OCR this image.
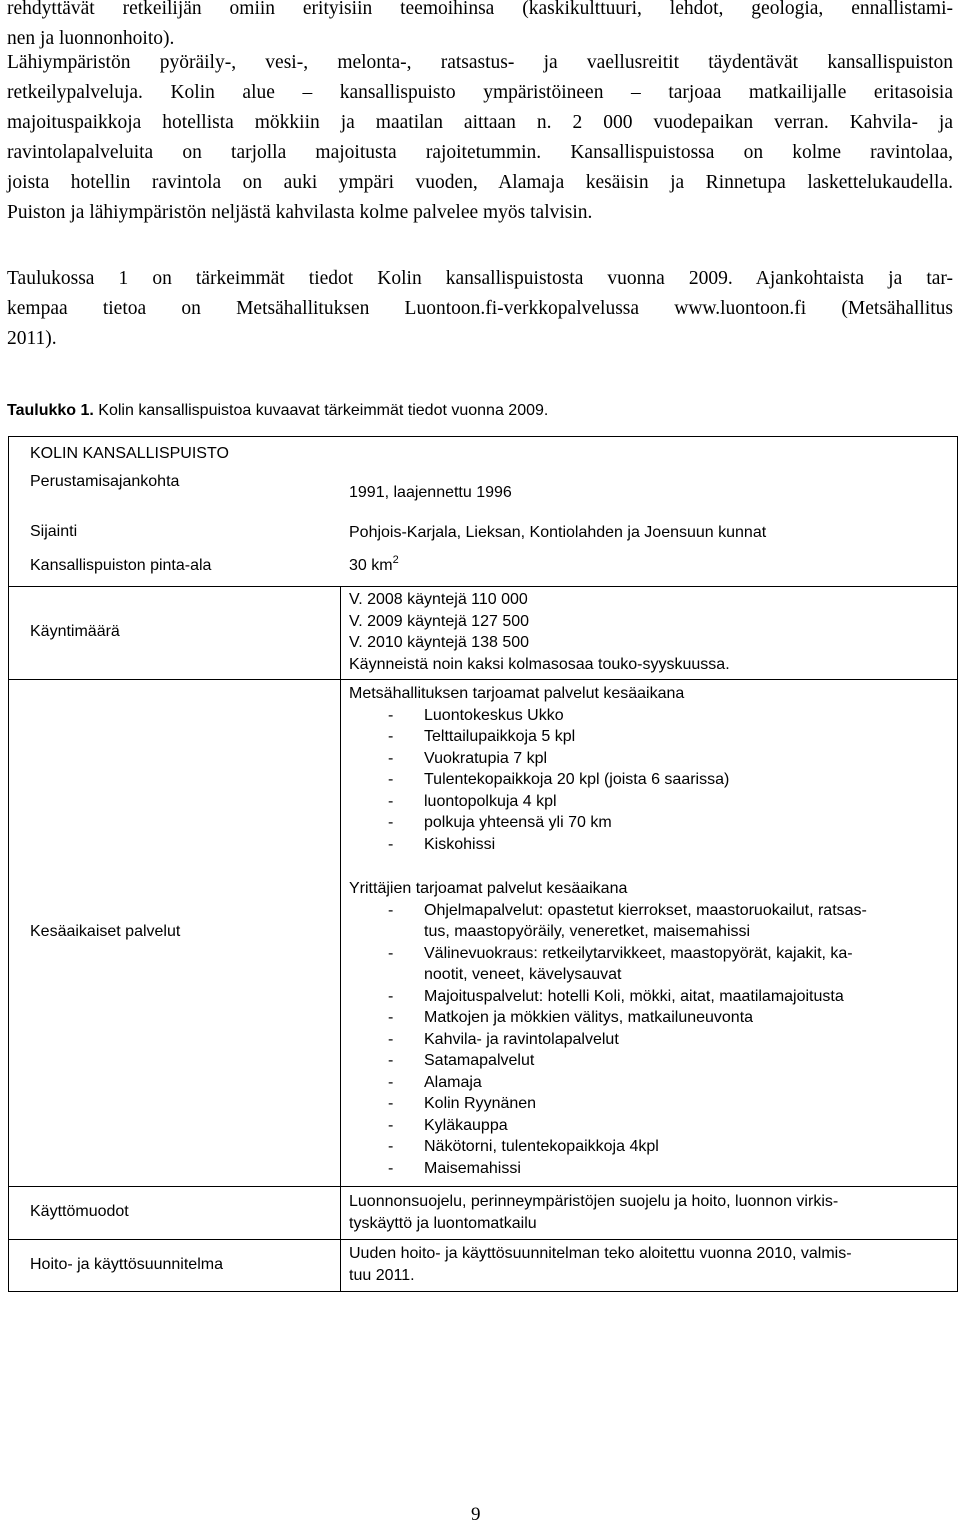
rehdyttävät retkeilijän omiin erityisiin teemoihinsa (kaskikulttuuri, lehdot, geologia, ennallistami-
nen ja luonnonhoito).
Lähiympäristön pyöräily-, vesi-, melonta-, ratsastus- ja vaellusreitit täydentävät kansallispuiston
retkeilypalveluja. Kolin alue – kansallispuisto ympäristöineen – tarjoaa matkailijalle eritasoisia
majoituspaikkoja hotellista mökkiin ja maatilan aittaan n. 2 000 vuodepaikan verran. Kahvila- ja
ravintolapalveluita on tarjolla majoitusta rajoitetummin. Kansallispuistossa on kolme ravintolaa,
joista hotellin ravintola on auki ympäri vuoden, Alamaja kesäisin ja Rinnetupa laskettelukaudella.
Puiston ja lähiympäristön neljästä kahvilasta kolme palvelee myös talvisin.
Taulukossa 1 on tärkeimmät tiedot Kolin kansallispuistosta vuonna 2009. Ajankohtaista ja tar-
kempaa tietoa on Metsähallituksen Luontoon.fi-verkkopalvelussa www.luontoon.fi (Metsähallitus
2011).
Taulukko 1. Kolin kansallispuistoa kuvaavat tärkeimmät tiedot vuonna 2009.
KOLIN KANSALLISPUISTO
Perustamisajankohta
1991, laajennettu 1996
Sijainti	Pohjois-Karjala, Lieksan, Kontiolahden ja Joensuun kunnat
Kansallispuiston pinta-ala	30 $km^2$
Käyntimäärä
V. 2008 käyntejä 110 000
V. 2009 käyntejä 127 500
V. 2010 käyntejä 138 500
Käynneistä noin kaksi kolmasosaa touko-syyskuussa.
Kesäaikaiset palvelut
Metsähallituksen tarjoamat palvelut kesäaikana
- Luontokeskus Ukko
- Telttailupaikkoja 5 kpl
- Vuokratupia 7 kpl
- Tulentekopaikkoja 20 kpl (joista 6 saarissa)
- luontopolkuja 4 kpl
- polkuja yhteensä yli 70 km
- Kiskohissi
Yrittäjien tarjoamat palvelut kesäaikana
- Ohjelmapalvelut: opastetut kierrokset, maastoruokailut, ratsas-
tus, maastopyöräily, veneretket, maisemahissi
- Välinevuokraus: retkeilytarvikkeet, maastopyörät, kajakit, ka-
nootit, veneet, kävelysauvat
- Majoituspalvelut: hotelli Koli, mökki, aitat, maatilamajoitusta
- Matkojen ja mökkien välitys, matkailuneuvonta
- Kahvila- ja ravintolapalvelut
- Satamapalvelut
- Alamaja
- Kolin Ryynänen
- Kyläkauppa
- Näkötorni, tulentekopaikkoja 4kpl
- Maisemahissi
Käyttömuodot
Luonnonsuojelu, perinneympäristöjen suojelu ja hoito, luonnon virkis-
tyskäyttö ja luontomatkailu
Hoito- ja käyttösuunnitelma
Uuden hoito- ja käyttösuunnitelman teko aloitettu vuonna 2010, valmis-
tuu 2011.
9
